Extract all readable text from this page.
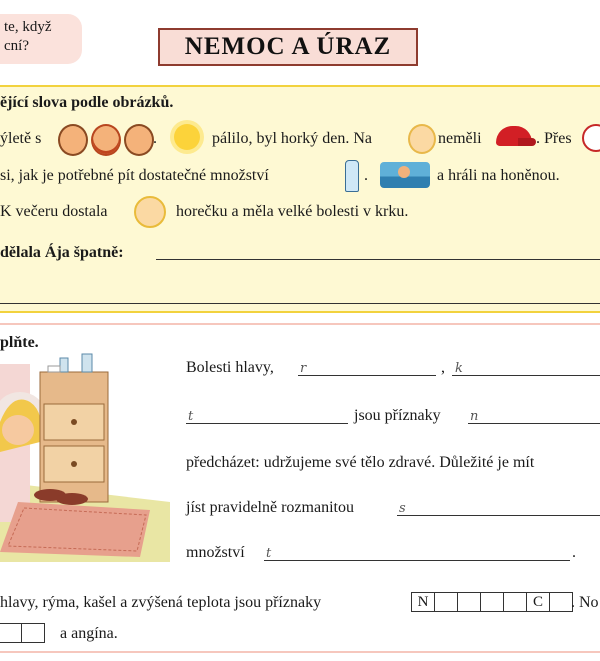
te, když
cní?	NEMOC A ÚRAZ
ějící slova podle obrázků.
ýletě s	.	pálilo, byl horký den. Na	neměli	. Přes
si, jak je potřebné pít dostatečné množství	.	a hráli na honěnou.
K večeru dostala	horečku a měla velké bolesti v krku.
dělala Ája špatně:
plňte.
Bolesti hlavy, r	, k
t	jsou příznaky n
předcházet: udržujeme své tělo zdravé. Důležité je mít
jíst pravidelně rozmanitou	s
množství t	.
hlavy, rýma, kašel a zvýšená teplota jsou příznaky	N	C	. No
a angína.
